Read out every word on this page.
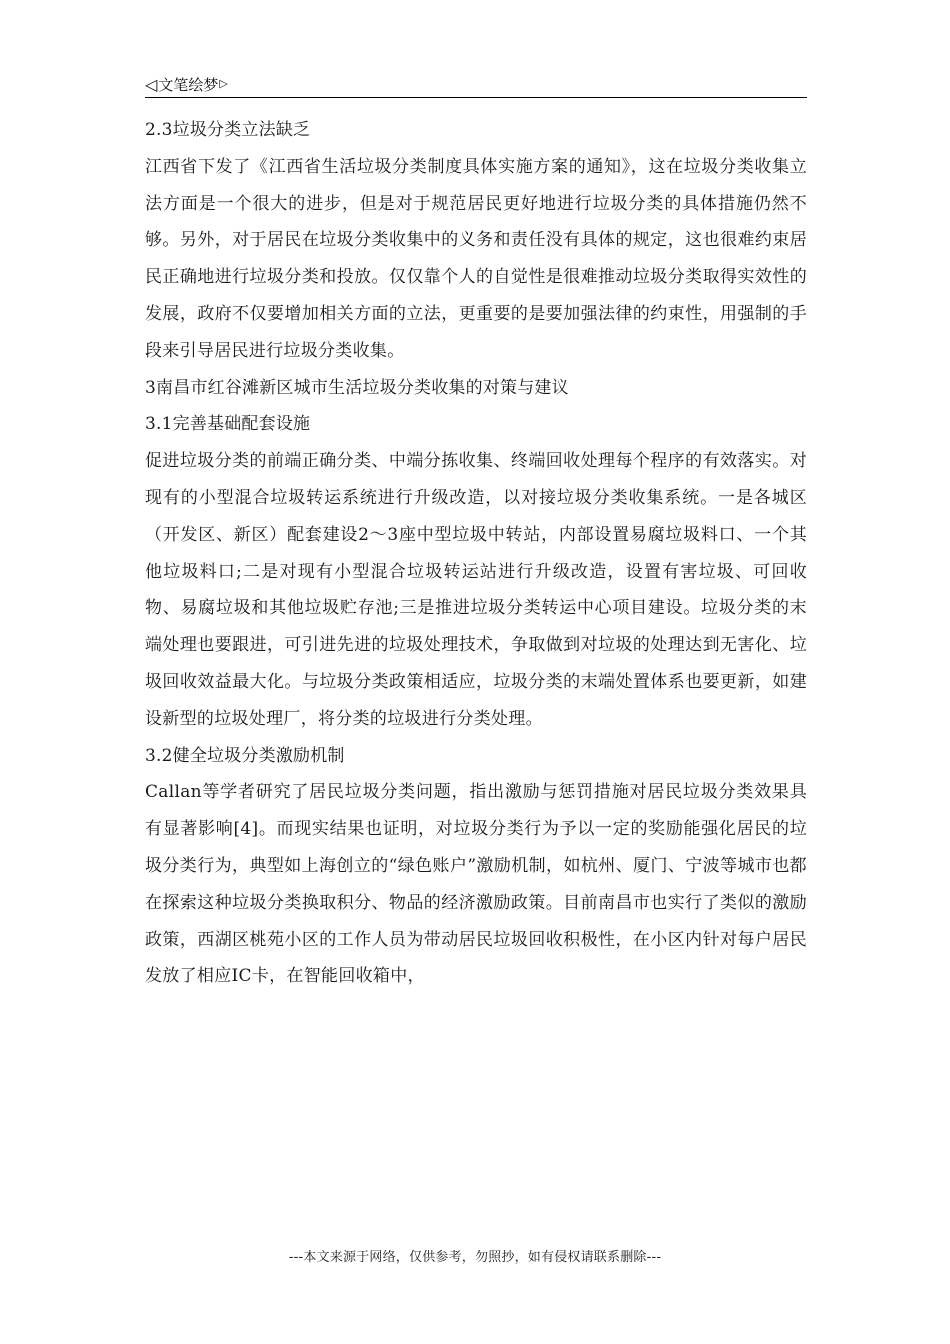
◁文笔绘梦▷

2.3垃圾分类立法缺乏

江西省下发了《江西省生活垃圾分类制度具体实施方案的通知》，这在垃圾分类收集立法方面是一个很大的进步，但是对于规范居民更好地进行垃圾分类的具体措施仍然不够。另外，对于居民在垃圾分类收集中的义务和责任没有具体的规定，这也很难约束居民正确地进行垃圾分类和投放。仅仅靠个人的自觉性是很难推动垃圾分类取得实效性的发展，政府不仅要增加相关方面的立法，更重要的是要加强法律的约束性，用强制的手段来引导居民进行垃圾分类收集。

3南昌市红谷滩新区城市生活垃圾分类收集的对策与建议

3.1完善基础配套设施

促进垃圾分类的前端正确分类、中端分拣收集、终端回收处理每个程序的有效落实。对现有的小型混合垃圾转运系统进行升级改造，以对接垃圾分类收集系统。一是各城区（开发区、新区）配套建设2～3座中型垃圾中转站，内部设置易腐垃圾料口、一个其他垃圾料口;二是对现有小型混合垃圾转运站进行升级改造，设置有害垃圾、可回收物、易腐垃圾和其他垃圾贮存池;三是推进垃圾分类转运中心项目建设。垃圾分类的末端处理也要跟进，可引进先进的垃圾处理技术，争取做到对垃圾的处理达到无害化、垃圾回收效益最大化。与垃圾分类政策相适应，垃圾分类的末端处置体系也要更新，如建设新型的垃圾处理厂，将分类的垃圾进行分类处理。

3.2健全垃圾分类激励机制

Callan等学者研究了居民垃圾分类问题，指出激励与惩罚措施对居民垃圾分类效果具有显著影响[4]。而现实结果也证明，对垃圾分类行为予以一定的奖励能强化居民的垃圾分类行为，典型如上海创立的“绿色账户”激励机制，如杭州、厦门、宁波等城市也都在探索这种垃圾分类换取积分、物品的经济激励政策。目前南昌市也实行了类似的激励政策，西湖区桃苑小区的工作人员为带动居民垃圾回收积极性，在小区内针对每户居民发放了相应IC卡，在智能回收箱中，

---本文来源于网络，仅供参考，勿照抄，如有侵权请联系删除---
